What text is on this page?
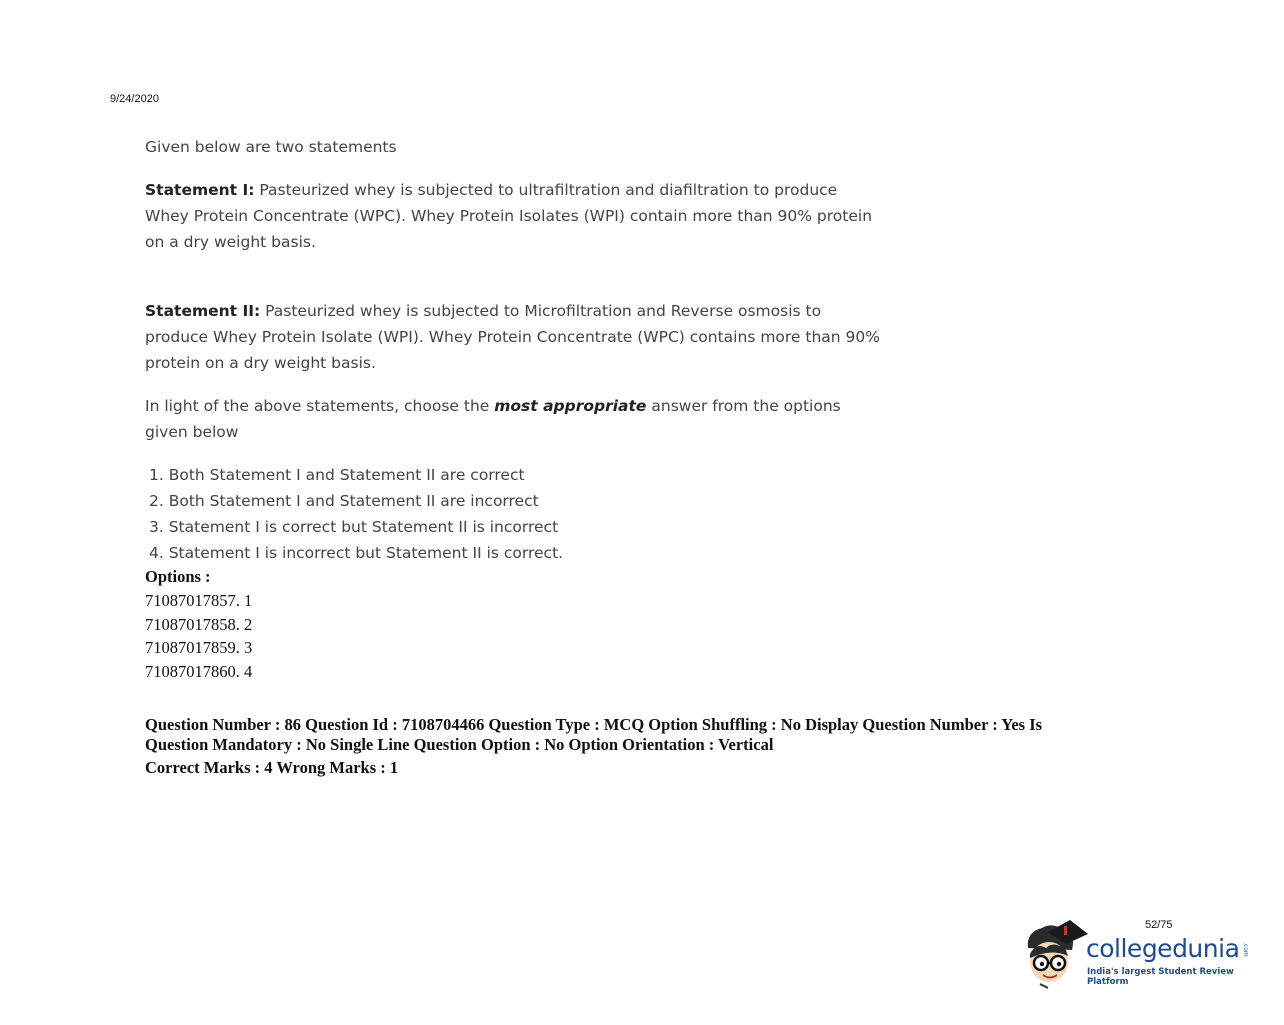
9/24/2020

Given below are two statements

Statement I: Pasteurized whey is subjected to ultrafiltration and diafiltration to produce Whey Protein Concentrate (WPC). Whey Protein Isolates (WPI) contain more than 90% protein on a dry weight basis.

Statement II: Pasteurized whey is subjected to Microfiltration and Reverse osmosis to produce Whey Protein Isolate (WPI). Whey Protein Concentrate (WPC) contains more than 90% protein on a dry weight basis.

In light of the above statements, choose the most appropriate answer from the options given below

1. Both Statement I and Statement II are correct
2. Both Statement I and Statement II are incorrect
3. Statement I is correct but Statement II is incorrect
4. Statement I is incorrect but Statement II is correct.
Options :
71087017857. 1
71087017858. 2
71087017859. 3
71087017860. 4
Question Number : 86 Question Id : 7108704466 Question Type : MCQ Option Shuffling : No Display Question Number : Yes Is
Question Mandatory : No Single Line Question Option : No Option Orientation : Vertical
Correct Marks : 4 Wrong Marks : 1
52/75
collegedunia .com
India's largest Student Review Platform
